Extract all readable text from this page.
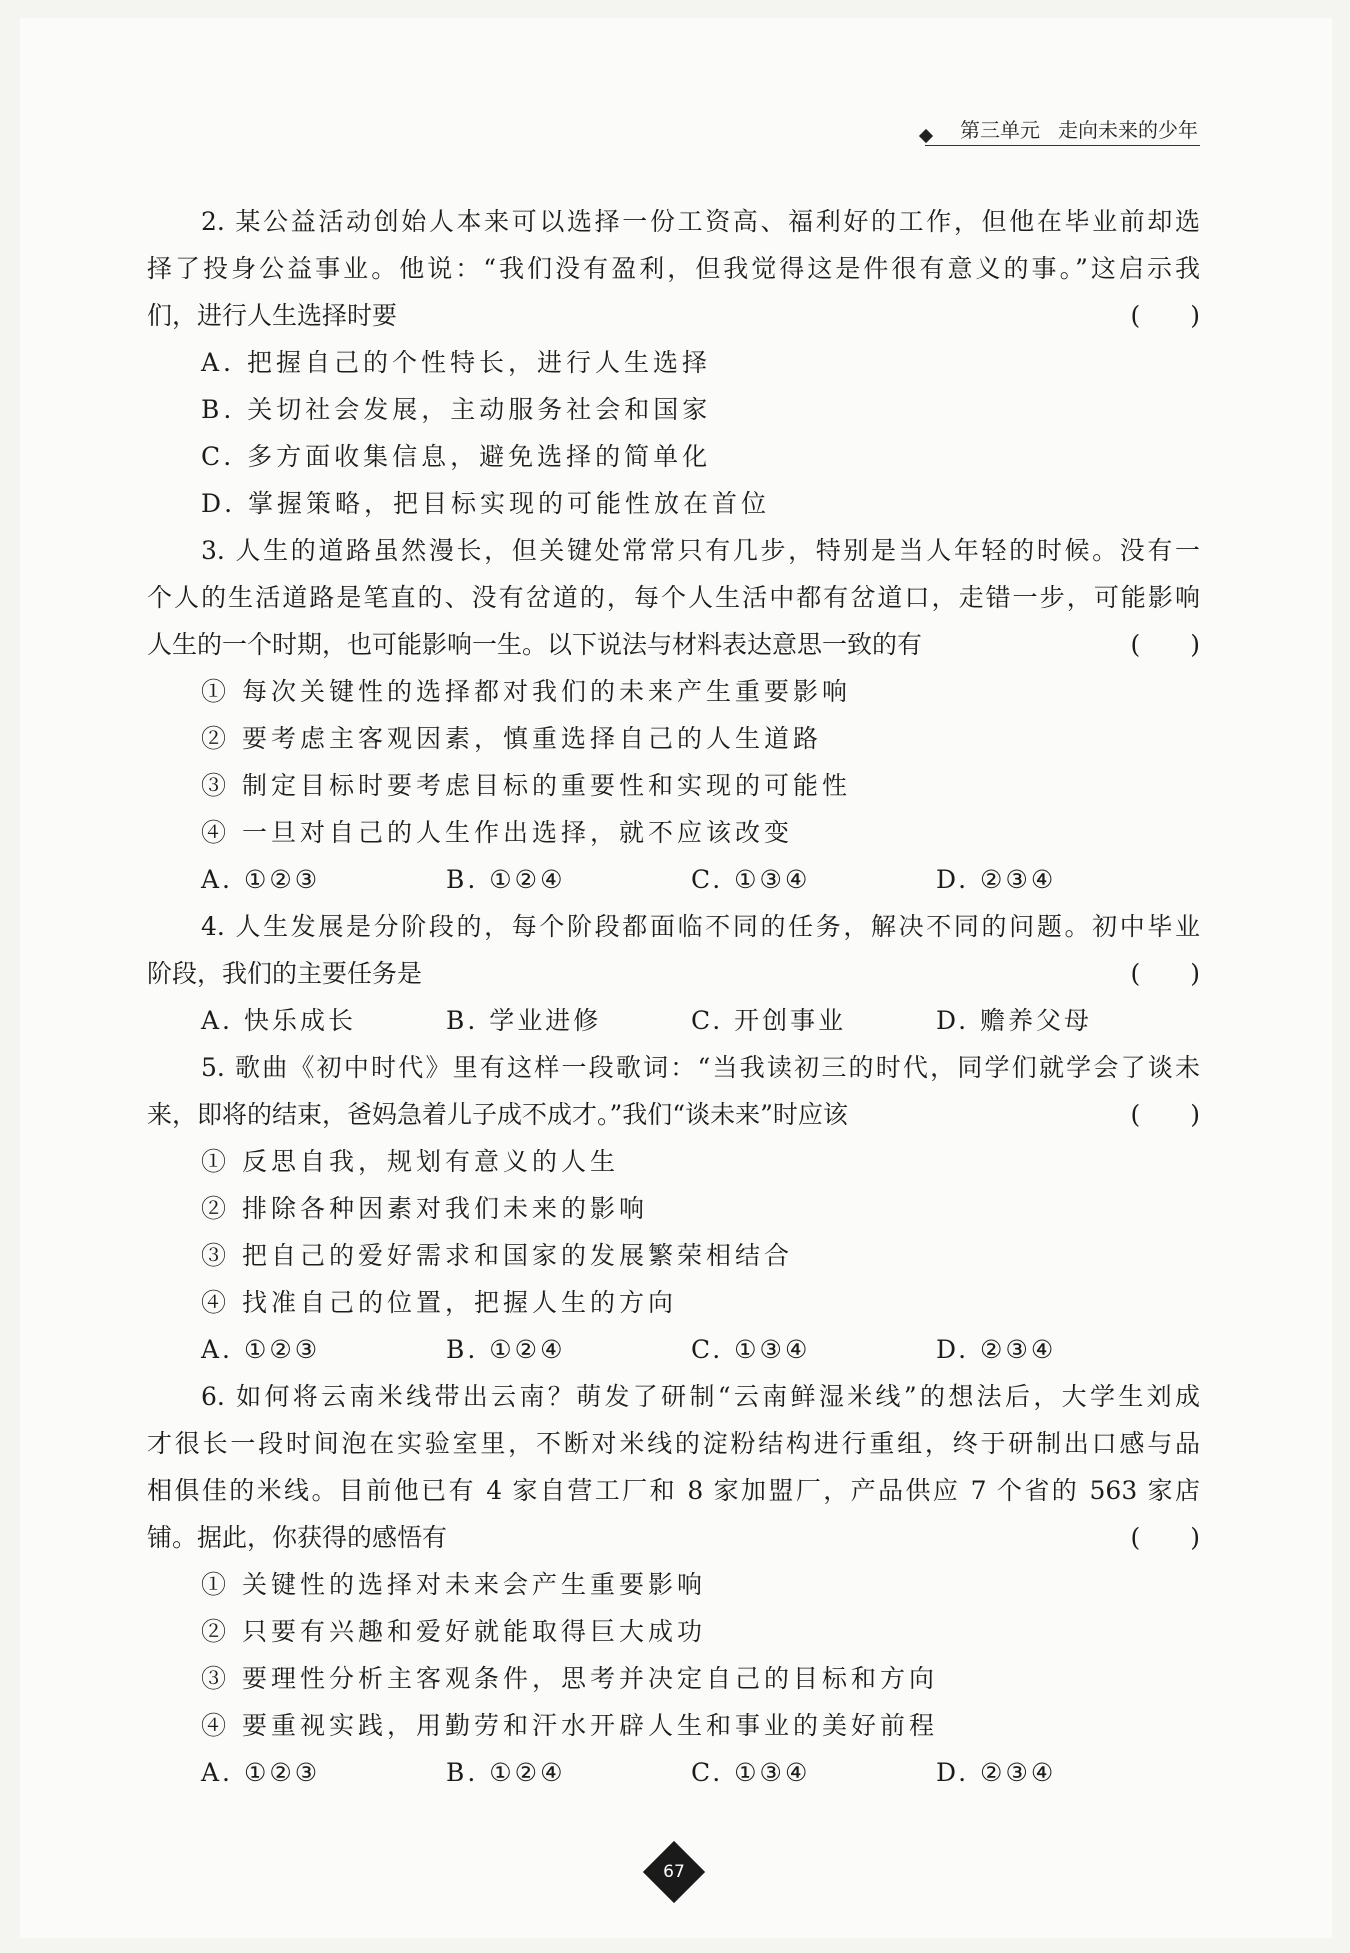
第三单元 走向未来的少年
2. 某公益活动创始人本来可以选择一份工资高、福利好的工作，但他在毕业前却选
择了投身公益事业。他说：“我们没有盈利，但我觉得这是件很有意义的事。”这启示我
们，进行人生选择时要	(　　)
A. 把握自己的个性特长，进行人生选择
B. 关切社会发展，主动服务社会和国家
C. 多方面收集信息，避免选择的简单化
D. 掌握策略，把目标实现的可能性放在首位
3. 人生的道路虽然漫长，但关键处常常只有几步，特别是当人年轻的时候。没有一
个人的生活道路是笔直的、没有岔道的，每个人生活中都有岔道口，走错一步，可能影响
人生的一个时期，也可能影响一生。以下说法与材料表达意思一致的有	(　　)
① 每次关键性的选择都对我们的未来产生重要影响
② 要考虑主客观因素，慎重选择自己的人生道路
③ 制定目标时要考虑目标的重要性和实现的可能性
④ 一旦对自己的人生作出选择，就不应该改变
A. ①②③	B. ①②④	C. ①③④	D. ②③④
4. 人生发展是分阶段的，每个阶段都面临不同的任务，解决不同的问题。初中毕业
阶段，我们的主要任务是	(　　)
A. 快乐成长	B. 学业进修	C. 开创事业	D. 赡养父母
5. 歌曲《初中时代》里有这样一段歌词：“当我读初三的时代，同学们就学会了谈未
来，即将的结束，爸妈急着儿子成不成才。”我们“谈未来”时应该	(　　)
① 反思自我，规划有意义的人生
② 排除各种因素对我们未来的影响
③ 把自己的爱好需求和国家的发展繁荣相结合
④ 找准自己的位置，把握人生的方向
A. ①②③	B. ①②④	C. ①③④	D. ②③④
6. 如何将云南米线带出云南？萌发了研制“云南鲜湿米线”的想法后，大学生刘成
才很长一段时间泡在实验室里，不断对米线的淀粉结构进行重组，终于研制出口感与品
相俱佳的米线。目前他已有 4 家自营工厂和 8 家加盟厂，产品供应 7 个省的 563 家店
铺。据此，你获得的感悟有	(　　)
① 关键性的选择对未来会产生重要影响
② 只要有兴趣和爱好就能取得巨大成功
③ 要理性分析主客观条件，思考并决定自己的目标和方向
④ 要重视实践，用勤劳和汗水开辟人生和事业的美好前程
A. ①②③	B. ①②④	C. ①③④	D. ②③④
67
